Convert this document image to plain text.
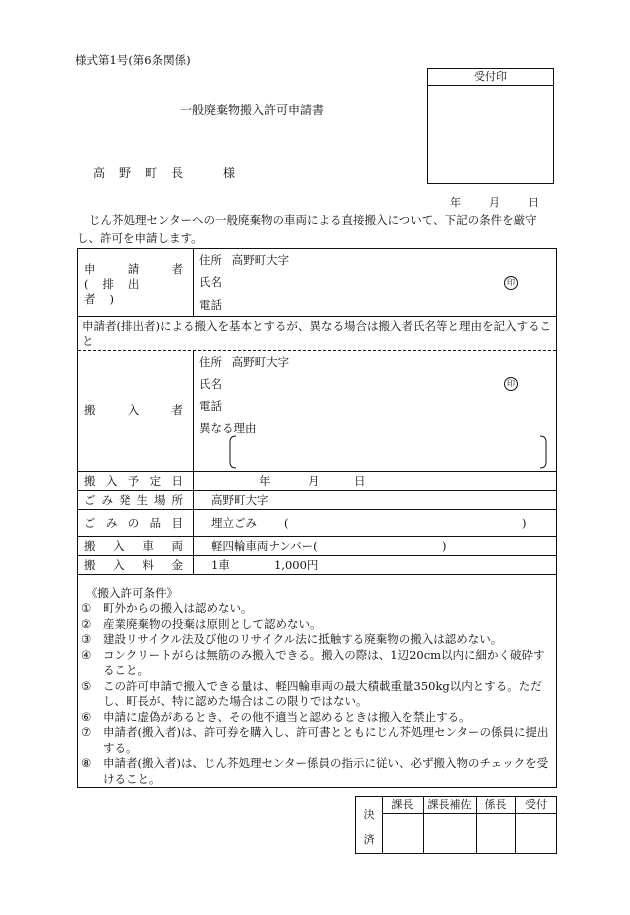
様式第1号(第6条関係)
受付印
一般廃棄物搬入許可申請書
高野町長 様
年	月	日
じん芥処理センターへの一般廃棄物の車両による直接搬入について、下記の条件を厳守し、許可を申請します。
申	請	者
(排出者)
住所 高野町大字
氏名	印
電話
申請者(排出者)による搬入を基本とするが、異なる場合は搬入者氏名等と理由を記入すること
搬	入	者
住所 高野町大字
氏名	印
電話
異なる理由
搬 入 予 定 日	年	月	日
ご み 発 生 場 所 高野町大字
ご み の 品 目 埋立ごみ (	)
搬 入 車 両 軽四輪車両ナンバー(	)
搬 入 料 金 1車	1,000円
《搬入許可条件》
①	町外からの搬入は認めない。
②	産業廃棄物の投棄は原則として認めない。
③	建設リサイクル法及び他のリサイクル法に抵触する廃棄物の搬入は認めない。
④	コンクリートがらは無筋のみ搬入できる。搬入の際は、1辺20cm以内に細かく破砕すること。
⑤	この許可申請で搬入できる量は、軽四輪車両の最大積載重量350kg以内とする。ただし、町長が、特に認めた場合はこの限りではない。
⑥	申請に虚偽があるとき、その他不適当と認めるときは搬入を禁止する。
⑦	申請者(搬入者)は、許可券を購入し、許可書とともにじん芥処理センターの係員に提出する。
⑧	申請者(搬入者)は、じん芥処理センター係員の指示に従い、必ず搬入物のチェックを受けること。
決
済
課長	課長補佐	係長	受付
